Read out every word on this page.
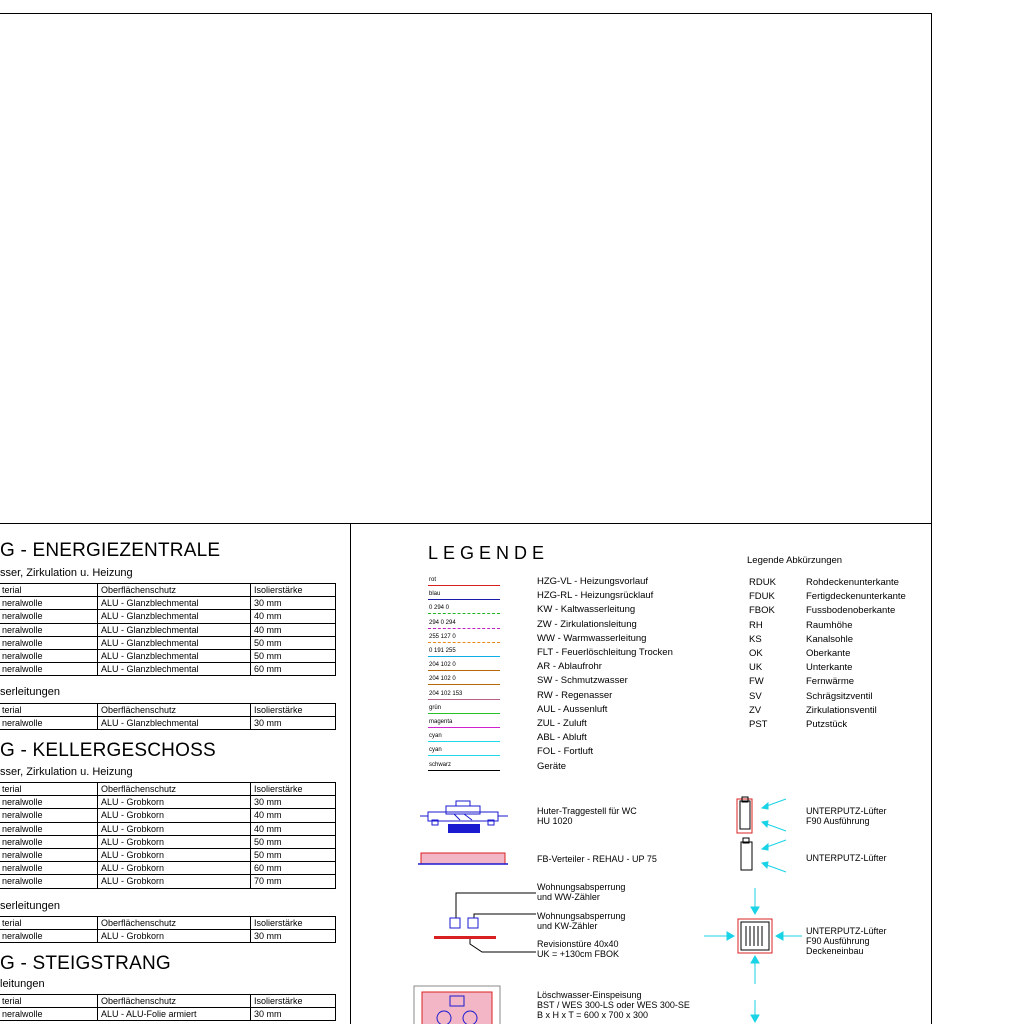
G - ENERGIEZENTRALE
sser, Zirkulation u. Heizung
terial	Oberflächenschutz	Isolierstärke
neralwolle	ALU - Glanzblechmental	30 mm
neralwolle	ALU - Glanzblechmental	40 mm
neralwolle	ALU - Glanzblechmental	40 mm
neralwolle	ALU - Glanzblechmental	50 mm
neralwolle	ALU - Glanzblechmental	50 mm
neralwolle	ALU - Glanzblechmental	60 mm
serleitungen
terial	Oberflächenschutz	Isolierstärke
neralwolle	ALU - Glanzblechmental	30 mm
G - KELLERGESCHOSS
sser, Zirkulation u. Heizung
terial	Oberflächenschutz	Isolierstärke
neralwolle	ALU - Grobkorn	30 mm
neralwolle	ALU - Grobkorn	40 mm
neralwolle	ALU - Grobkorn	40 mm
neralwolle	ALU - Grobkorn	50 mm
neralwolle	ALU - Grobkorn	50 mm
neralwolle	ALU - Grobkorn	60 mm
neralwolle	ALU - Grobkorn	70 mm
serleitungen
terial	Oberflächenschutz	Isolierstärke
neralwolle	ALU - Grobkorn	30 mm
G - STEIGSTRANG
leitungen
terial	Oberflächenschutz	Isolierstärke
neralwolle	ALU - ALU-Folie armiert	30 mm
LEGENDE
rot	HZG-VL - Heizungsvorlauf
blau	HZG-RL - Heizungsrücklauf
0 294 0	KW - Kaltwasserleitung
294 0 294	ZW - Zirkulationsleitung
255 127 0	WW - Warmwasserleitung
0 191 255	FLT - Feuerlöschleitung Trocken
204 102 0	AR - Ablaufrohr
204 102 0	SW - Schmutzwasser
204 102 153	RW - Regenasser
grün	AUL - Aussenluft
magenta	ZUL - Zuluft
cyan	ABL - Abluft
cyan	FOL - Fortluft
schwarz	Geräte
Legende Abkürzungen
RDUK	Rohdeckenunterkante
FDUK	Fertigdeckenunterkante
FBOK	Fussbodenoberkante
RH	Raumhöhe
KS	Kanalsohle
OK	Oberkante
UK	Unterkante
FW	Fernwärme
SV	Schrägsitzventil
ZV	Zirkulationsventil
PST	Putzstück
Huter-Traggestell für WC
HU 1020
FB-Verteiler - REHAU - UP 75
Wohnungsabsperrung
und WW-Zähler
Wohnungsabsperrung
und KW-Zähler
Revisionstüre 40x40
UK = +130cm FBOK
Löschwasser-Einspeisung
BST / WES 300-LS oder WES 300-SE
B x H x T = 600 x 700 x 300
UNTERPUTZ-Lüfter
F90 Ausführung
UNTERPUTZ-Lüfter
UNTERPUTZ-Lüfter
F90 Ausführung
Deckeneinbau
